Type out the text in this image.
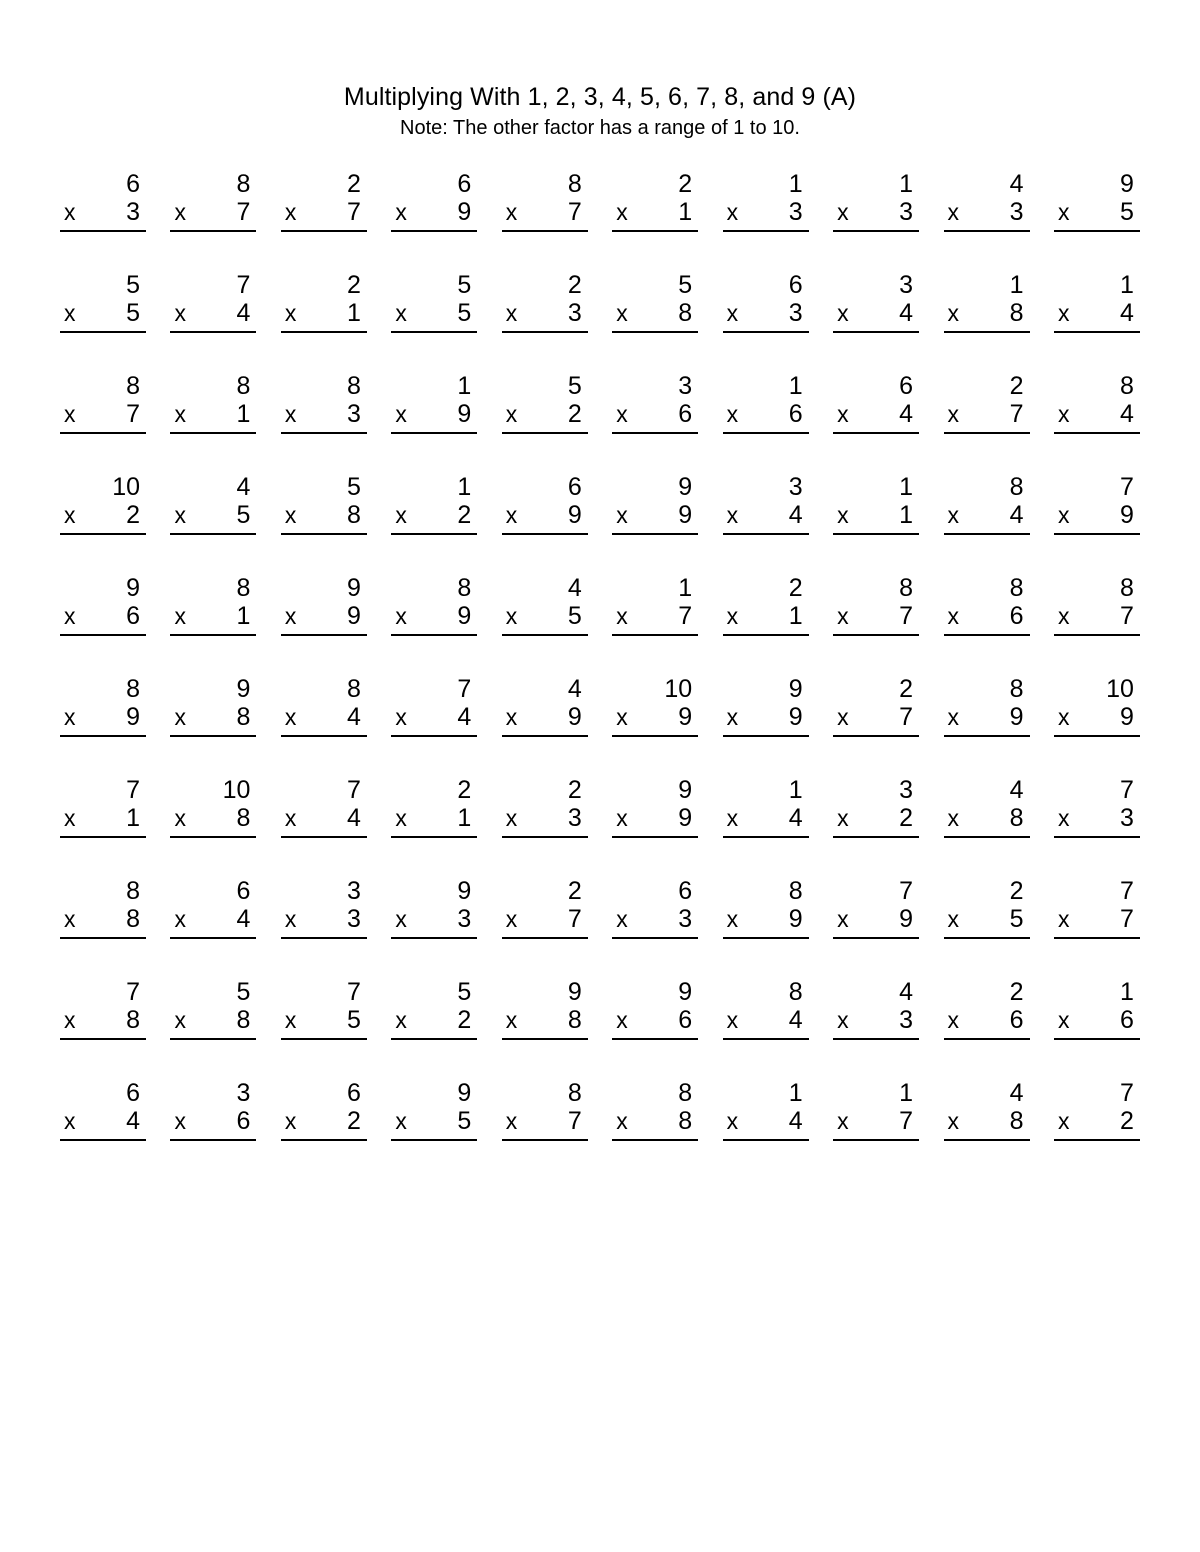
Multiplying With 1, 2, 3, 4, 5, 6, 7, 8, and 9 (A)
Note: The other factor has a range of 1 to 10.
6
x 3
8
x 7
2
x 7
6
x 9
8
x 7
2
x 1
1
x 3
1
x 3
4
x 3
9
x 5
5
x 5
7
x 4
2
x 1
5
x 5
2
x 3
5
x 8
6
x 3
3
x 4
1
x 8
1
x 4
8
x 7
8
x 1
8
x 3
1
x 9
5
x 2
3
x 6
1
x 6
6
x 4
2
x 7
8
x 4
10
x 2
4
x 5
5
x 8
1
x 2
6
x 9
9
x 9
3
x 4
1
x 1
8
x 4
7
x 9
9
x 6
8
x 1
9
x 9
8
x 9
4
x 5
1
x 7
2
x 1
8
x 7
8
x 6
8
x 7
8
x 9
9
x 8
8
x 4
7
x 4
4
x 9
10
x 9
9
x 9
2
x 7
8
x 9
10
x 9
7
x 1
10
x 8
7
x 4
2
x 1
2
x 3
9
x 9
1
x 4
3
x 2
4
x 8
7
x 3
8
x 8
6
x 4
3
x 3
9
x 3
2
x 7
6
x 3
8
x 9
7
x 9
2
x 5
7
x 7
7
x 8
5
x 8
7
x 5
5
x 2
9
x 8
9
x 6
8
x 4
4
x 3
2
x 6
1
x 6
6
x 4
3
x 6
6
x 2
9
x 5
8
x 7
8
x 8
1
x 4
1
x 7
4
x 8
7
x 2
